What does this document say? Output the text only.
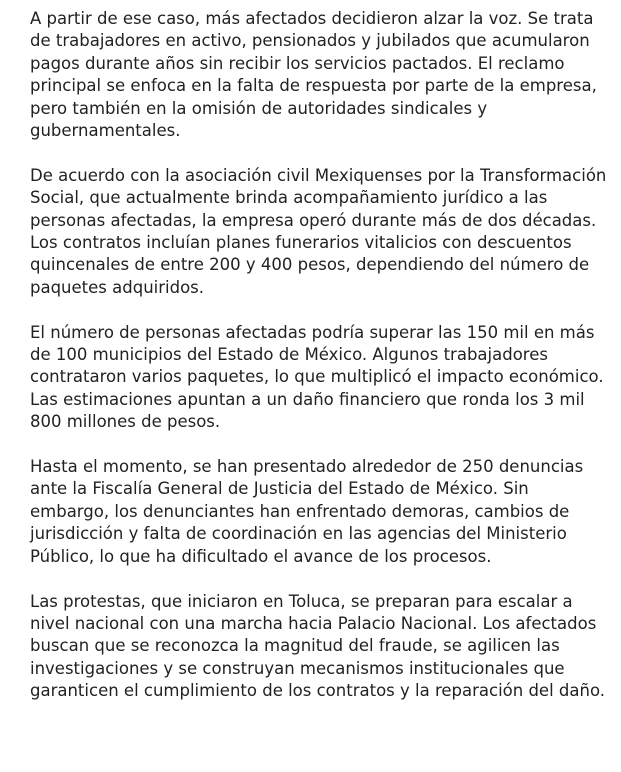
A partir de ese caso, más afectados decidieron alzar la voz. Se trata de trabajadores en activo, pensionados y jubilados que acumularon pagos durante años sin recibir los servicios pactados. El reclamo principal se enfoca en la falta de respuesta por parte de la empresa, pero también en la omisión de autoridades sindicales y gubernamentales.

De acuerdo con la asociación civil Mexiquenses por la Transformación Social, que actualmente brinda acompañamiento jurídico a las personas afectadas, la empresa operó durante más de dos décadas. Los contratos incluían planes funerarios vitalicios con descuentos quincenales de entre 200 y 400 pesos, dependiendo del número de paquetes adquiridos.

El número de personas afectadas podría superar las 150 mil en más de 100 municipios del Estado de México. Algunos trabajadores contrataron varios paquetes, lo que multiplicó el impacto económico. Las estimaciones apuntan a un daño financiero que ronda los 3 mil 800 millones de pesos.

Hasta el momento, se han presentado alrededor de 250 denuncias ante la Fiscalía General de Justicia del Estado de México. Sin embargo, los denunciantes han enfrentado demoras, cambios de jurisdicción y falta de coordinación en las agencias del Ministerio Público, lo que ha dificultado el avance de los procesos.

Las protestas, que iniciaron en Toluca, se preparan para escalar a nivel nacional con una marcha hacia Palacio Nacional. Los afectados buscan que se reconozca la magnitud del fraude, se agilicen las investigaciones y se construyan mecanismos institucionales que garanticen el cumplimiento de los contratos y la reparación del daño.
